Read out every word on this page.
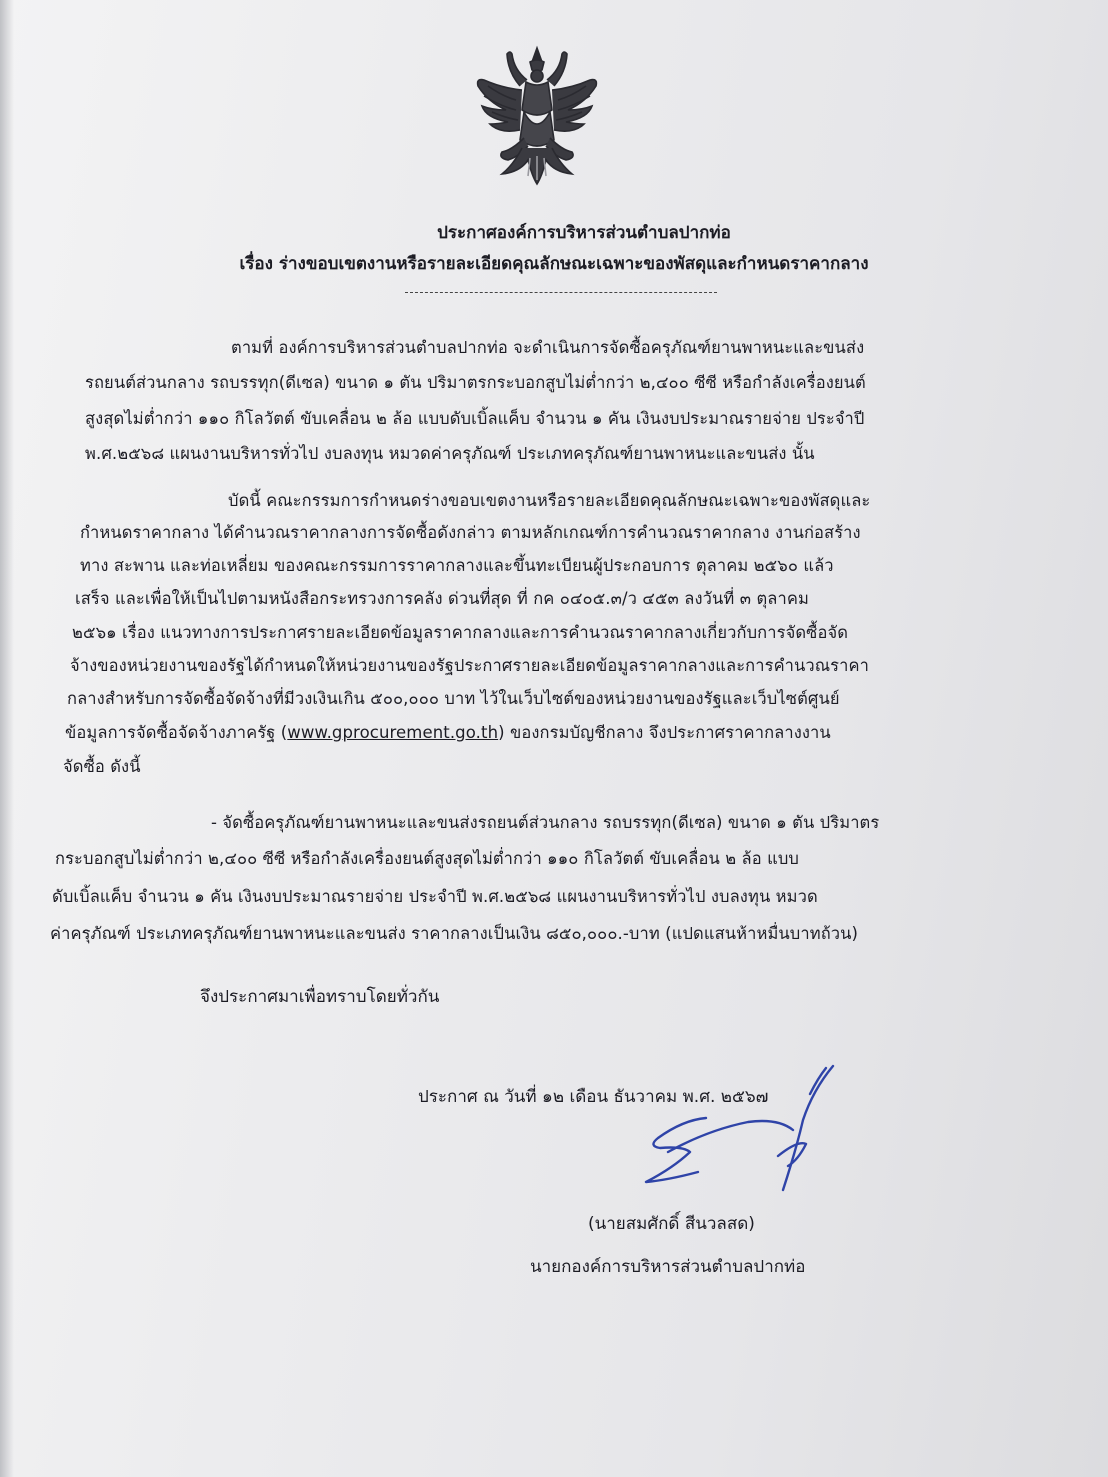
ประกาศองค์การบริหารส่วนตำบลปากท่อ
เรื่อง ร่างขอบเขตงานหรือรายละเอียดคุณลักษณะเฉพาะของพัสดุและกำหนดราคากลาง
ตามที่ องค์การบริหารส่วนตำบลปากท่อ จะดำเนินการจัดซื้อครุภัณฑ์ยานพาหนะและขนส่ง
รถยนต์ส่วนกลาง รถบรรทุก(ดีเซล) ขนาด ๑ ตัน ปริมาตรกระบอกสูบไม่ต่ำกว่า ๒,๔๐๐ ซีซี หรือกำลังเครื่องยนต์
สูงสุดไม่ต่ำกว่า ๑๑๐ กิโลวัตต์ ขับเคลื่อน ๒ ล้อ แบบดับเบิ้ลแค็บ จำนวน ๑ คัน เงินงบประมาณรายจ่าย ประจำปี
พ.ศ.๒๕๖๘ แผนงานบริหารทั่วไป งบลงทุน หมวดค่าครุภัณฑ์ ประเภทครุภัณฑ์ยานพาหนะและขนส่ง นั้น
บัดนี้ คณะกรรมการกำหนดร่างขอบเขตงานหรือรายละเอียดคุณลักษณะเฉพาะของพัสดุและ
กำหนดราคากลาง ได้คำนวณราคากลางการจัดซื้อดังกล่าว ตามหลักเกณฑ์การคำนวณราคากลาง งานก่อสร้าง
ทาง สะพาน และท่อเหลี่ยม ของคณะกรรมการราคากลางและขึ้นทะเบียนผู้ประกอบการ ตุลาคม ๒๕๖๐ แล้ว
เสร็จ และเพื่อให้เป็นไปตามหนังสือกระทรวงการคลัง ด่วนที่สุด ที่ กค ๐๔๐๕.๓/ว ๔๕๓ ลงวันที่ ๓ ตุลาคม
๒๕๖๑ เรื่อง แนวทางการประกาศรายละเอียดข้อมูลราคากลางและการคำนวณราคากลางเกี่ยวกับการจัดซื้อจัด
จ้างของหน่วยงานของรัฐได้กำหนดให้หน่วยงานของรัฐประกาศรายละเอียดข้อมูลราคากลางและการคำนวณราคา
กลางสำหรับการจัดซื้อจัดจ้างที่มีวงเงินเกิน ๕๐๐,๐๐๐ บาท ไว้ในเว็บไซต์ของหน่วยงานของรัฐและเว็บไซต์ศูนย์
ข้อมูลการจัดซื้อจัดจ้างภาครัฐ (www.gprocurement.go.th) ของกรมบัญชีกลาง จึงประกาศราคากลางงาน
จัดซื้อ ดังนี้
- จัดซื้อครุภัณฑ์ยานพาหนะและขนส่งรถยนต์ส่วนกลาง รถบรรทุก(ดีเซล) ขนาด ๑ ตัน ปริมาตร
กระบอกสูบไม่ต่ำกว่า ๒,๔๐๐ ซีซี หรือกำลังเครื่องยนต์สูงสุดไม่ต่ำกว่า ๑๑๐ กิโลวัตต์ ขับเคลื่อน ๒ ล้อ แบบ
ดับเบิ้ลแค็บ จำนวน ๑ คัน เงินงบประมาณรายจ่าย ประจำปี พ.ศ.๒๕๖๘ แผนงานบริหารทั่วไป งบลงทุน หมวด
ค่าครุภัณฑ์ ประเภทครุภัณฑ์ยานพาหนะและขนส่ง ราคากลางเป็นเงิน ๘๕๐,๐๐๐.-บาท (แปดแสนห้าหมื่นบาทถ้วน)
จึงประกาศมาเพื่อทราบโดยทั่วกัน
ประกาศ ณ วันที่ ๑๒ เดือน ธันวาคม พ.ศ. ๒๕๖๗
(นายสมศักดิ์ สีนวลสด)
นายกองค์การบริหารส่วนตำบลปากท่อ
